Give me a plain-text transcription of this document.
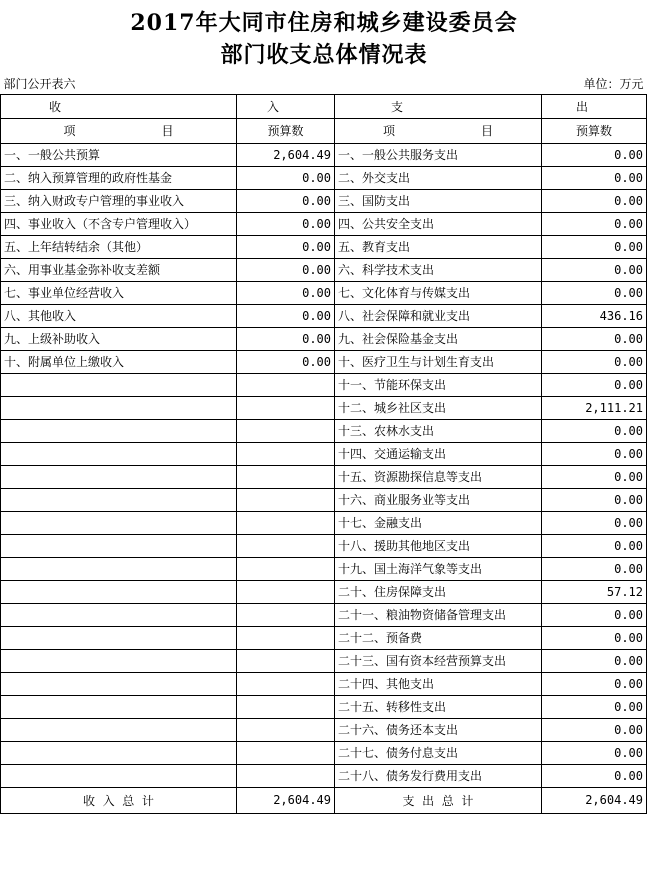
2017年大同市住房和城乡建设委员会
部门收支总体情况表
部门公开表六			单位：万元
收	入	支	出
项 目	预算数	项 目	预算数
一、一般公共预算	2,604.49	一、一般公共服务支出	0.00
二、纳入预算管理的政府性基金	0.00	二、外交支出	0.00
三、纳入财政专户管理的事业收入	0.00	三、国防支出	0.00
四、事业收入（不含专户管理收入）	0.00	四、公共安全支出	0.00
五、上年结转结余（其他）	0.00	五、教育支出	0.00
六、用事业基金弥补收支差额	0.00	六、科学技术支出	0.00
七、事业单位经营收入	0.00	七、文化体育与传媒支出	0.00
八、其他收入	0.00	八、社会保障和就业支出	436.16
九、上级补助收入	0.00	九、社会保险基金支出	0.00
十、附属单位上缴收入	0.00	十、医疗卫生与计划生育支出	0.00
		十一、节能环保支出	0.00
		十二、城乡社区支出	2,111.21
		十三、农林水支出	0.00
		十四、交通运输支出	0.00
		十五、资源勘探信息等支出	0.00
		十六、商业服务业等支出	0.00
		十七、金融支出	0.00
		十八、援助其他地区支出	0.00
		十九、国土海洋气象等支出	0.00
		二十、住房保障支出	57.12
		二十一、粮油物资储备管理支出	0.00
		二十二、预备费	0.00
		二十三、国有资本经营预算支出	0.00
		二十四、其他支出	0.00
		二十五、转移性支出	0.00
		二十六、债务还本支出	0.00
		二十七、债务付息支出	0.00
		二十八、债务发行费用支出	0.00
收  入  总  计	2,604.49	支  出  总  计	2,604.49
